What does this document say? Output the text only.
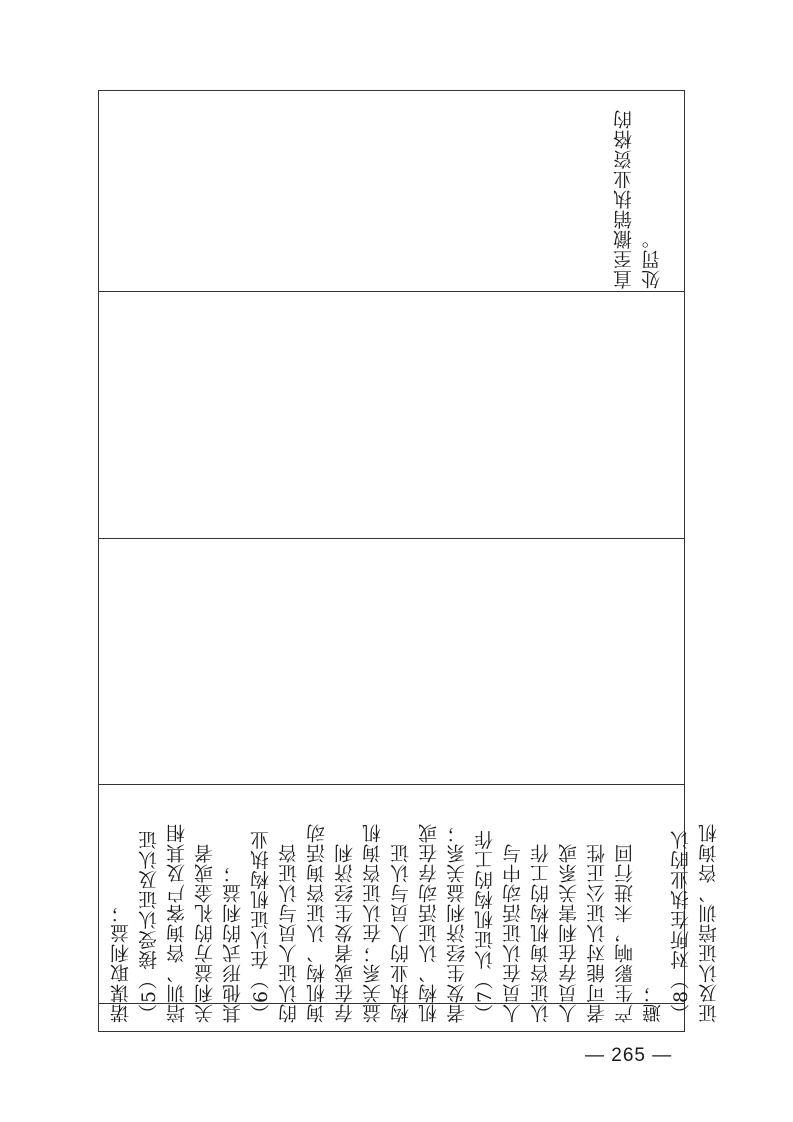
直至撤销执业资格的 处罚。
诺谋取利益； （5）接受认证及认证 培训、咨询客户及其相 关利益方的礼金或者 其他形式的利益； （6）在认证机构执业 的认证人员与认证咨 询机构、认证咨询活动 存在或者发生经济利 益关系；在认证咨询机 构执业的人员与认证 机构、认证活动存在或 者发生经济利益关系； （7）认证机构的工作 人员在认证活动中与 认证咨询机构的工作 人员存在利害关系或 者可能对认证公正性 产生影响，未进行回 避； （8）对所在执业的认 证及认证培训、咨询机
— 265 —
